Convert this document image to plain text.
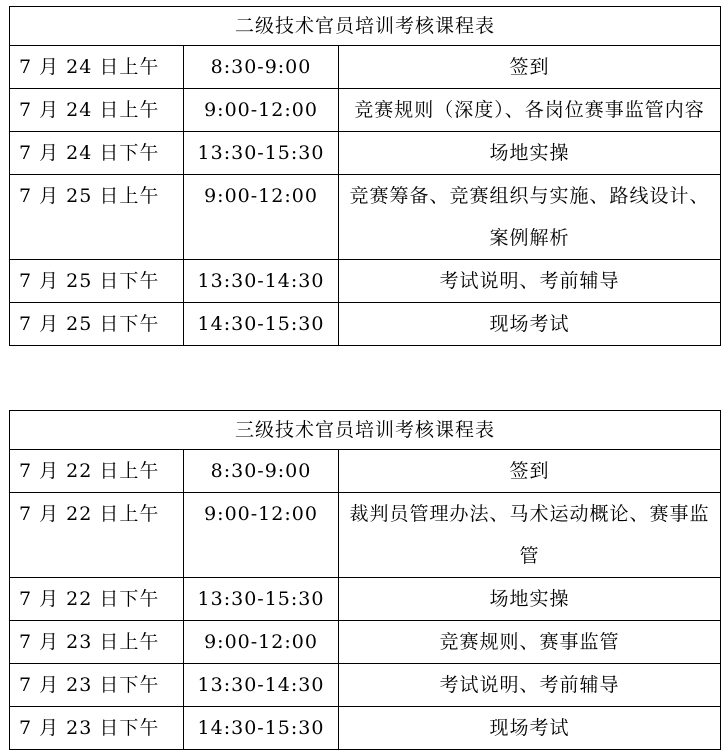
二级技术官员培训考核课程表		
7 月 24 日上午	8:30-9:00	签到
7 月 24 日上午	9:00-12:00	竞赛规则（深度）、各岗位赛事监管内容
7 月 24 日下午	13:30-15:30	场地实操
7 月 25 日上午	9:00-12:00	竞赛筹备、竞赛组织与实施、路线设计、案例解析
7 月 25 日下午	13:30-14:30	考试说明、考前辅导
7 月 25 日下午	14:30-15:30	现场考试
三级技术官员培训考核课程表		
7 月 22 日上午	8:30-9:00	签到
7 月 22 日上午	9:00-12:00	裁判员管理办法、马术运动概论、赛事监管
7 月 22 日下午	13:30-15:30	场地实操
7 月 23 日上午	9:00-12:00	竞赛规则、赛事监管
7 月 23 日下午	13:30-14:30	考试说明、考前辅导
7 月 23 日下午	14:30-15:30	现场考试
